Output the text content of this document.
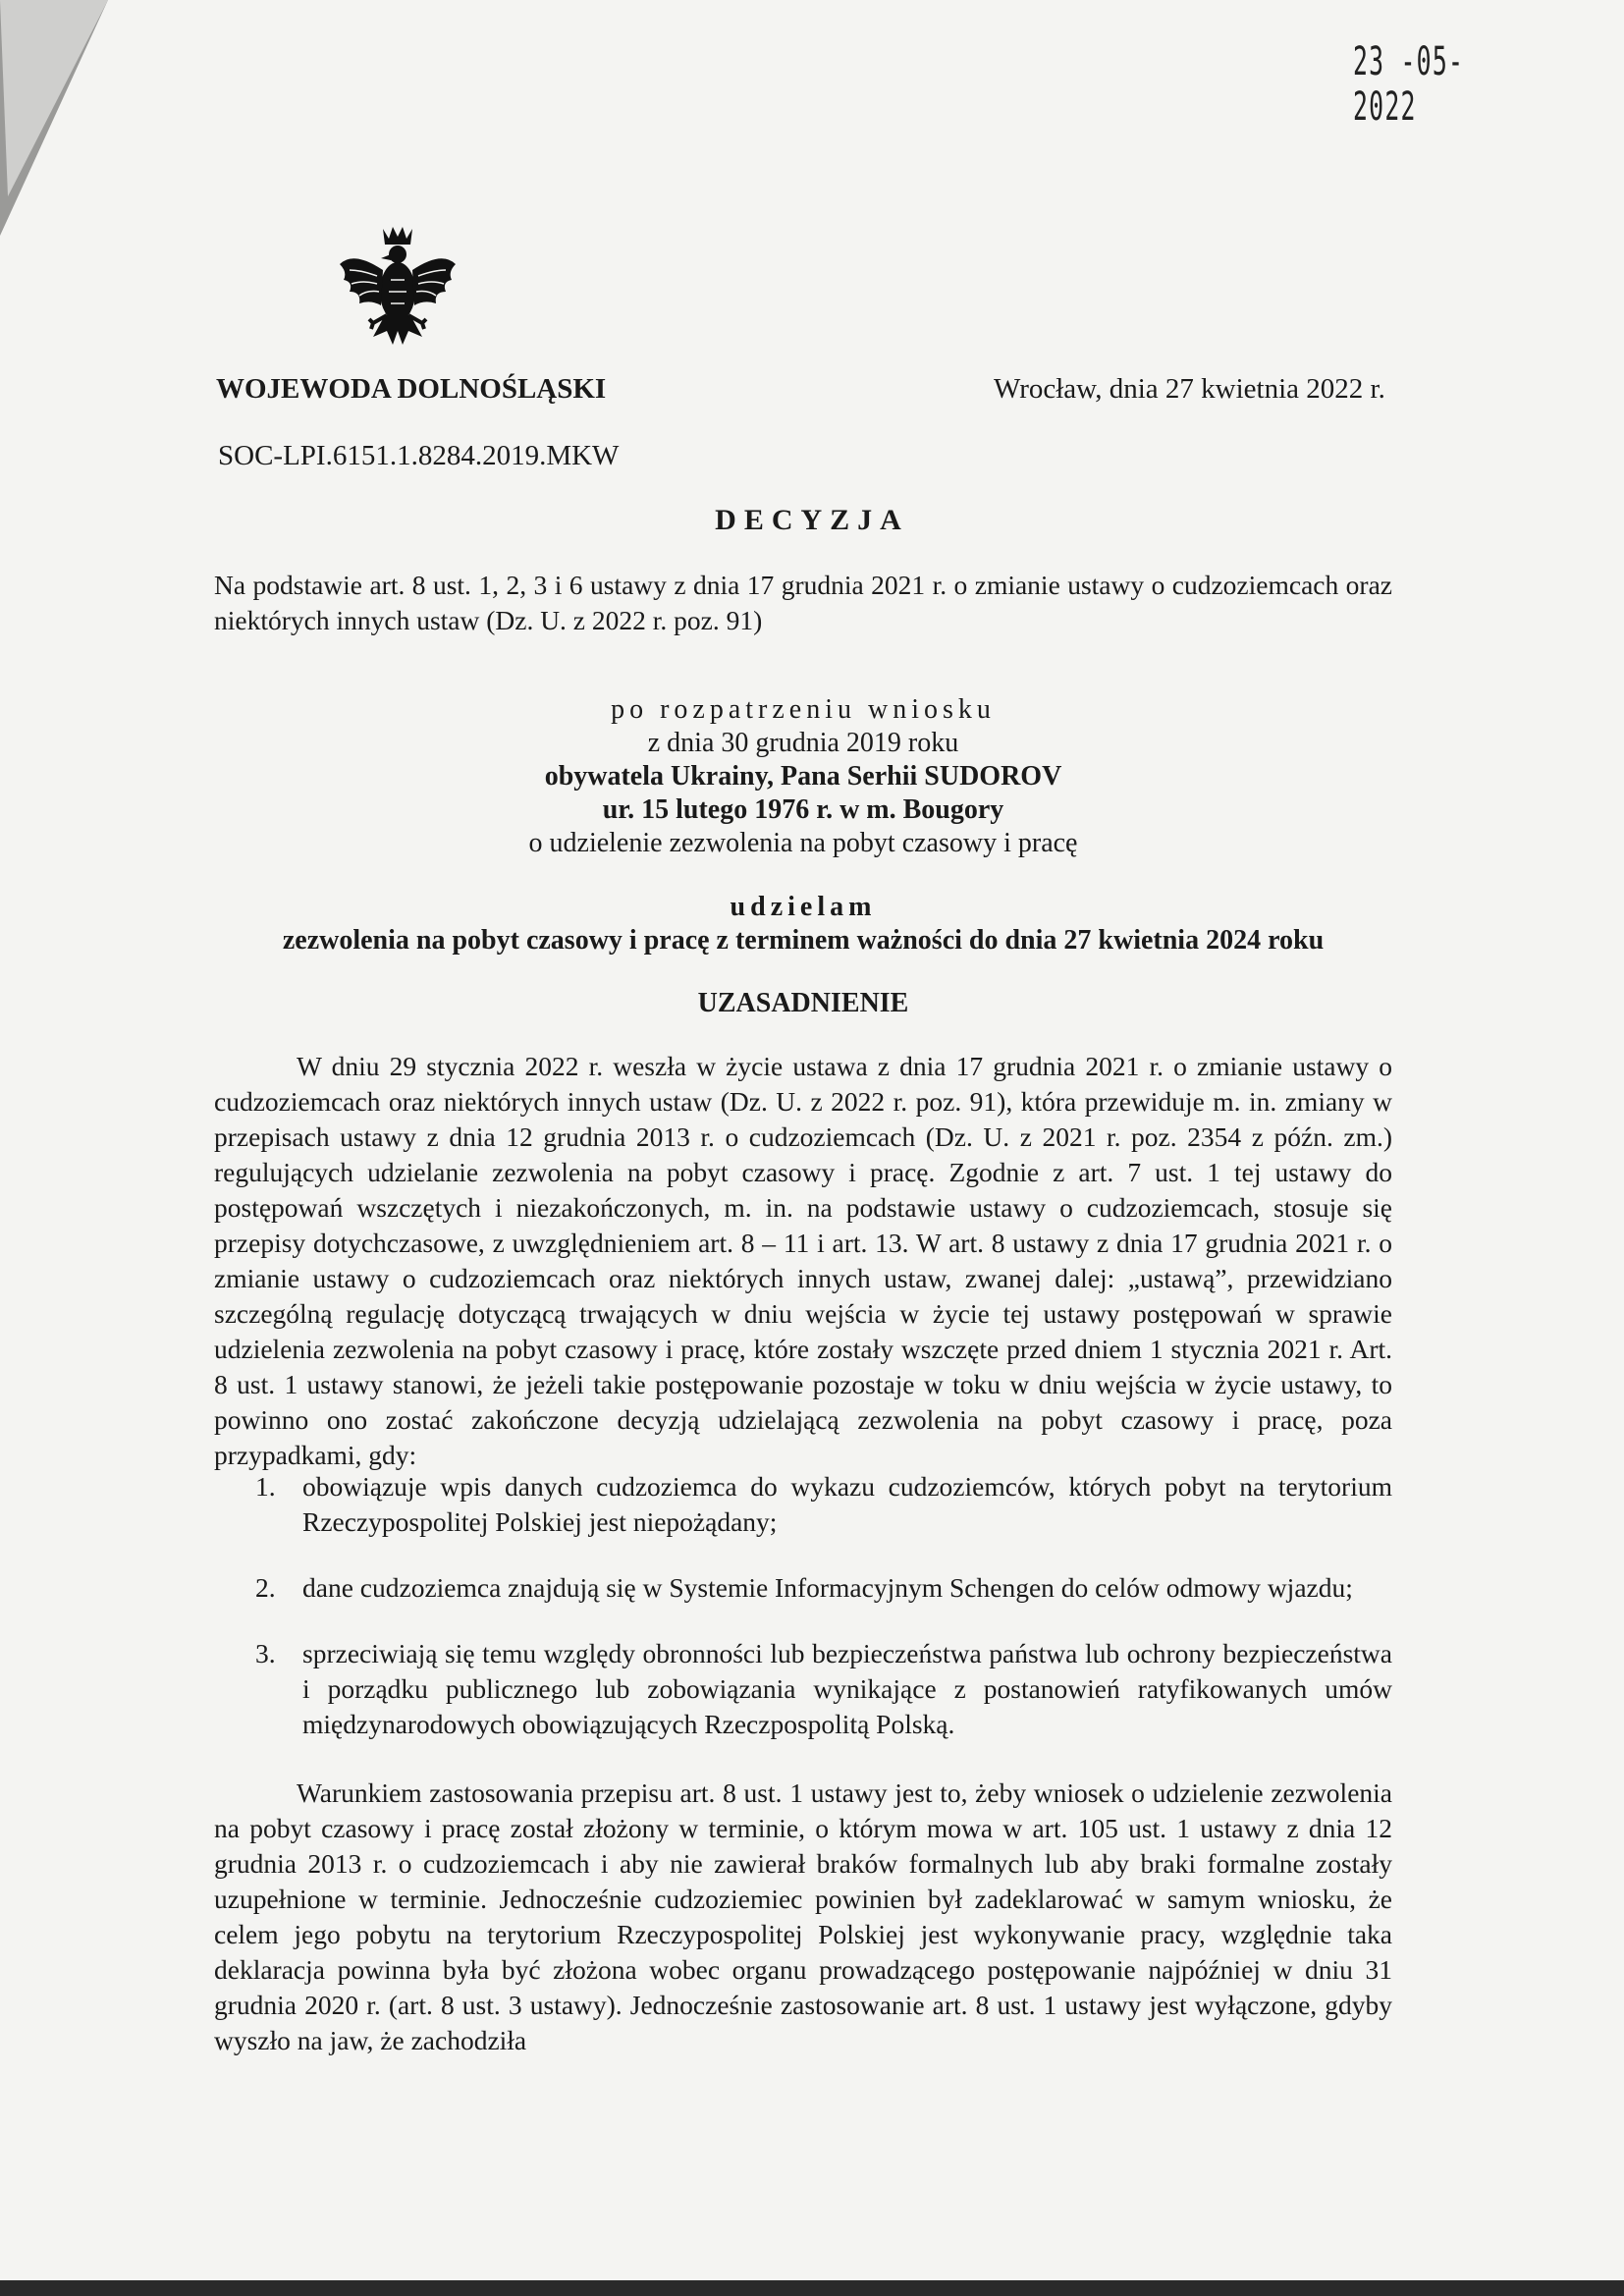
23 -05- 2022
WOJEWODA DOLNOŚLĄSKI	Wrocław, dnia 27 kwietnia 2022 r.
SOC-LPI.6151.1.8284.2019.MKW
DECYZJA
Na podstawie art. 8 ust. 1, 2, 3 i 6 ustawy z dnia 17 grudnia 2021 r. o zmianie ustawy o cudzoziemcach oraz niektórych innych ustaw (Dz. U. z 2022 r. poz. 91)
po rozpatrzeniu wniosku
z dnia 30 grudnia 2019 roku
obywatela Ukrainy, Pana Serhii SUDOROV
ur. 15 lutego 1976 r. w m. Bougory
o udzielenie zezwolenia na pobyt czasowy i pracę
udzielam
zezwolenia na pobyt czasowy i pracę z terminem ważności do dnia 27 kwietnia 2024 roku
UZASADNIENIE
W dniu 29 stycznia 2022 r. weszła w życie ustawa z dnia 17 grudnia 2021 r. o zmianie ustawy o cudzoziemcach oraz niektórych innych ustaw (Dz. U. z 2022 r. poz. 91), która przewiduje m. in. zmiany w przepisach ustawy z dnia 12 grudnia 2013 r. o cudzoziemcach (Dz. U. z 2021 r. poz. 2354 z późn. zm.) regulujących udzielanie zezwolenia na pobyt czasowy i pracę. Zgodnie z art. 7 ust. 1 tej ustawy do postępowań wszczętych i niezakończonych, m. in. na podstawie ustawy o cudzoziemcach, stosuje się przepisy dotychczasowe, z uwzględnieniem art. 8 – 11 i art. 13. W art. 8 ustawy z dnia 17 grudnia 2021 r. o zmianie ustawy o cudzoziemcach oraz niektórych innych ustaw, zwanej dalej: „ustawą”, przewidziano szczególną regulację dotyczącą trwających w dniu wejścia w życie tej ustawy postępowań w sprawie udzielenia zezwolenia na pobyt czasowy i pracę, które zostały wszczęte przed dniem 1 stycznia 2021 r. Art. 8 ust. 1 ustawy stanowi, że jeżeli takie postępowanie pozostaje w toku w dniu wejścia w życie ustawy, to powinno ono zostać zakończone decyzją udzielającą zezwolenia na pobyt czasowy i pracę, poza przypadkami, gdy:
1. obowiązuje wpis danych cudzoziemca do wykazu cudzoziemców, których pobyt na terytorium Rzeczypospolitej Polskiej jest niepożądany;
2. dane cudzoziemca znajdują się w Systemie Informacyjnym Schengen do celów odmowy wjazdu;
3. sprzeciwiają się temu względy obronności lub bezpieczeństwa państwa lub ochrony bezpieczeństwa i porządku publicznego lub zobowiązania wynikające z postanowień ratyfikowanych umów międzynarodowych obowiązujących Rzeczpospolitą Polską.
Warunkiem zastosowania przepisu art. 8 ust. 1 ustawy jest to, żeby wniosek o udzielenie zezwolenia na pobyt czasowy i pracę został złożony w terminie, o którym mowa w art. 105 ust. 1 ustawy z dnia 12 grudnia 2013 r. o cudzoziemcach i aby nie zawierał braków formalnych lub aby braki formalne zostały uzupełnione w terminie. Jednocześnie cudzoziemiec powinien był zadeklarować w samym wniosku, że celem jego pobytu na terytorium Rzeczypospolitej Polskiej jest wykonywanie pracy, względnie taka deklaracja powinna była być złożona wobec organu prowadzącego postępowanie najpóźniej w dniu 31 grudnia 2020 r. (art. 8 ust. 3 ustawy). Jednocześnie zastosowanie art. 8 ust. 1 ustawy jest wyłączone, gdyby wyszło na jaw, że zachodziła
